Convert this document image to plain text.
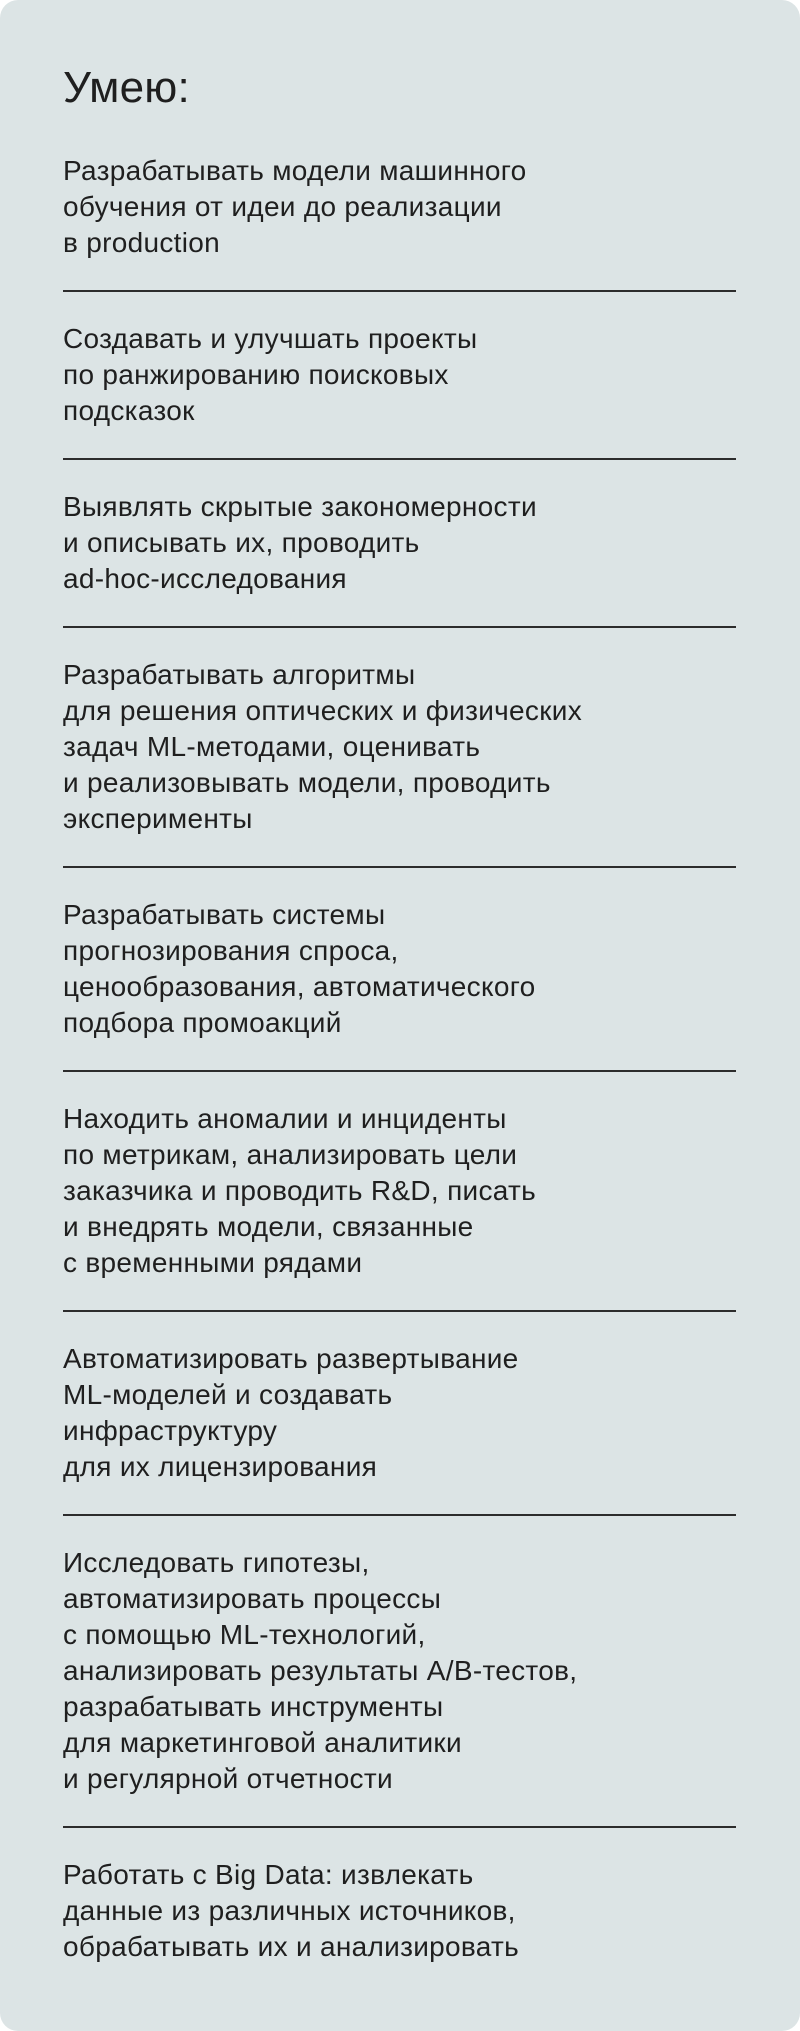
Умею:
Разрабатывать модели машинного
обучения от идеи до реализации
в production
Создавать и улучшать проекты
по ранжированию поисковых
подсказок
Выявлять скрытые закономерности
и описывать их, проводить
ad-hoc-исследования
Разрабатывать алгоритмы
для решения оптических и физических
задач ML-методами, оценивать
и реализовывать модели, проводить
эксперименты
Разрабатывать системы
прогнозирования спроса,
ценообразования, автоматического
подбора промоакций
Находить аномалии и инциденты
по метрикам, анализировать цели
заказчика и проводить R&D, писать
и внедрять модели, связанные
с временными рядами
Автоматизировать развертывание
ML-моделей и создавать
инфраструктуру
для их лицензирования
Исследовать гипотезы,
автоматизировать процессы
с помощью ML-технологий,
анализировать результаты A/B-тестов,
разрабатывать инструменты
для маркетинговой аналитики
и регулярной отчетности
Работать с Big Data: извлекать
данные из различных источников,
обрабатывать их и анализировать
